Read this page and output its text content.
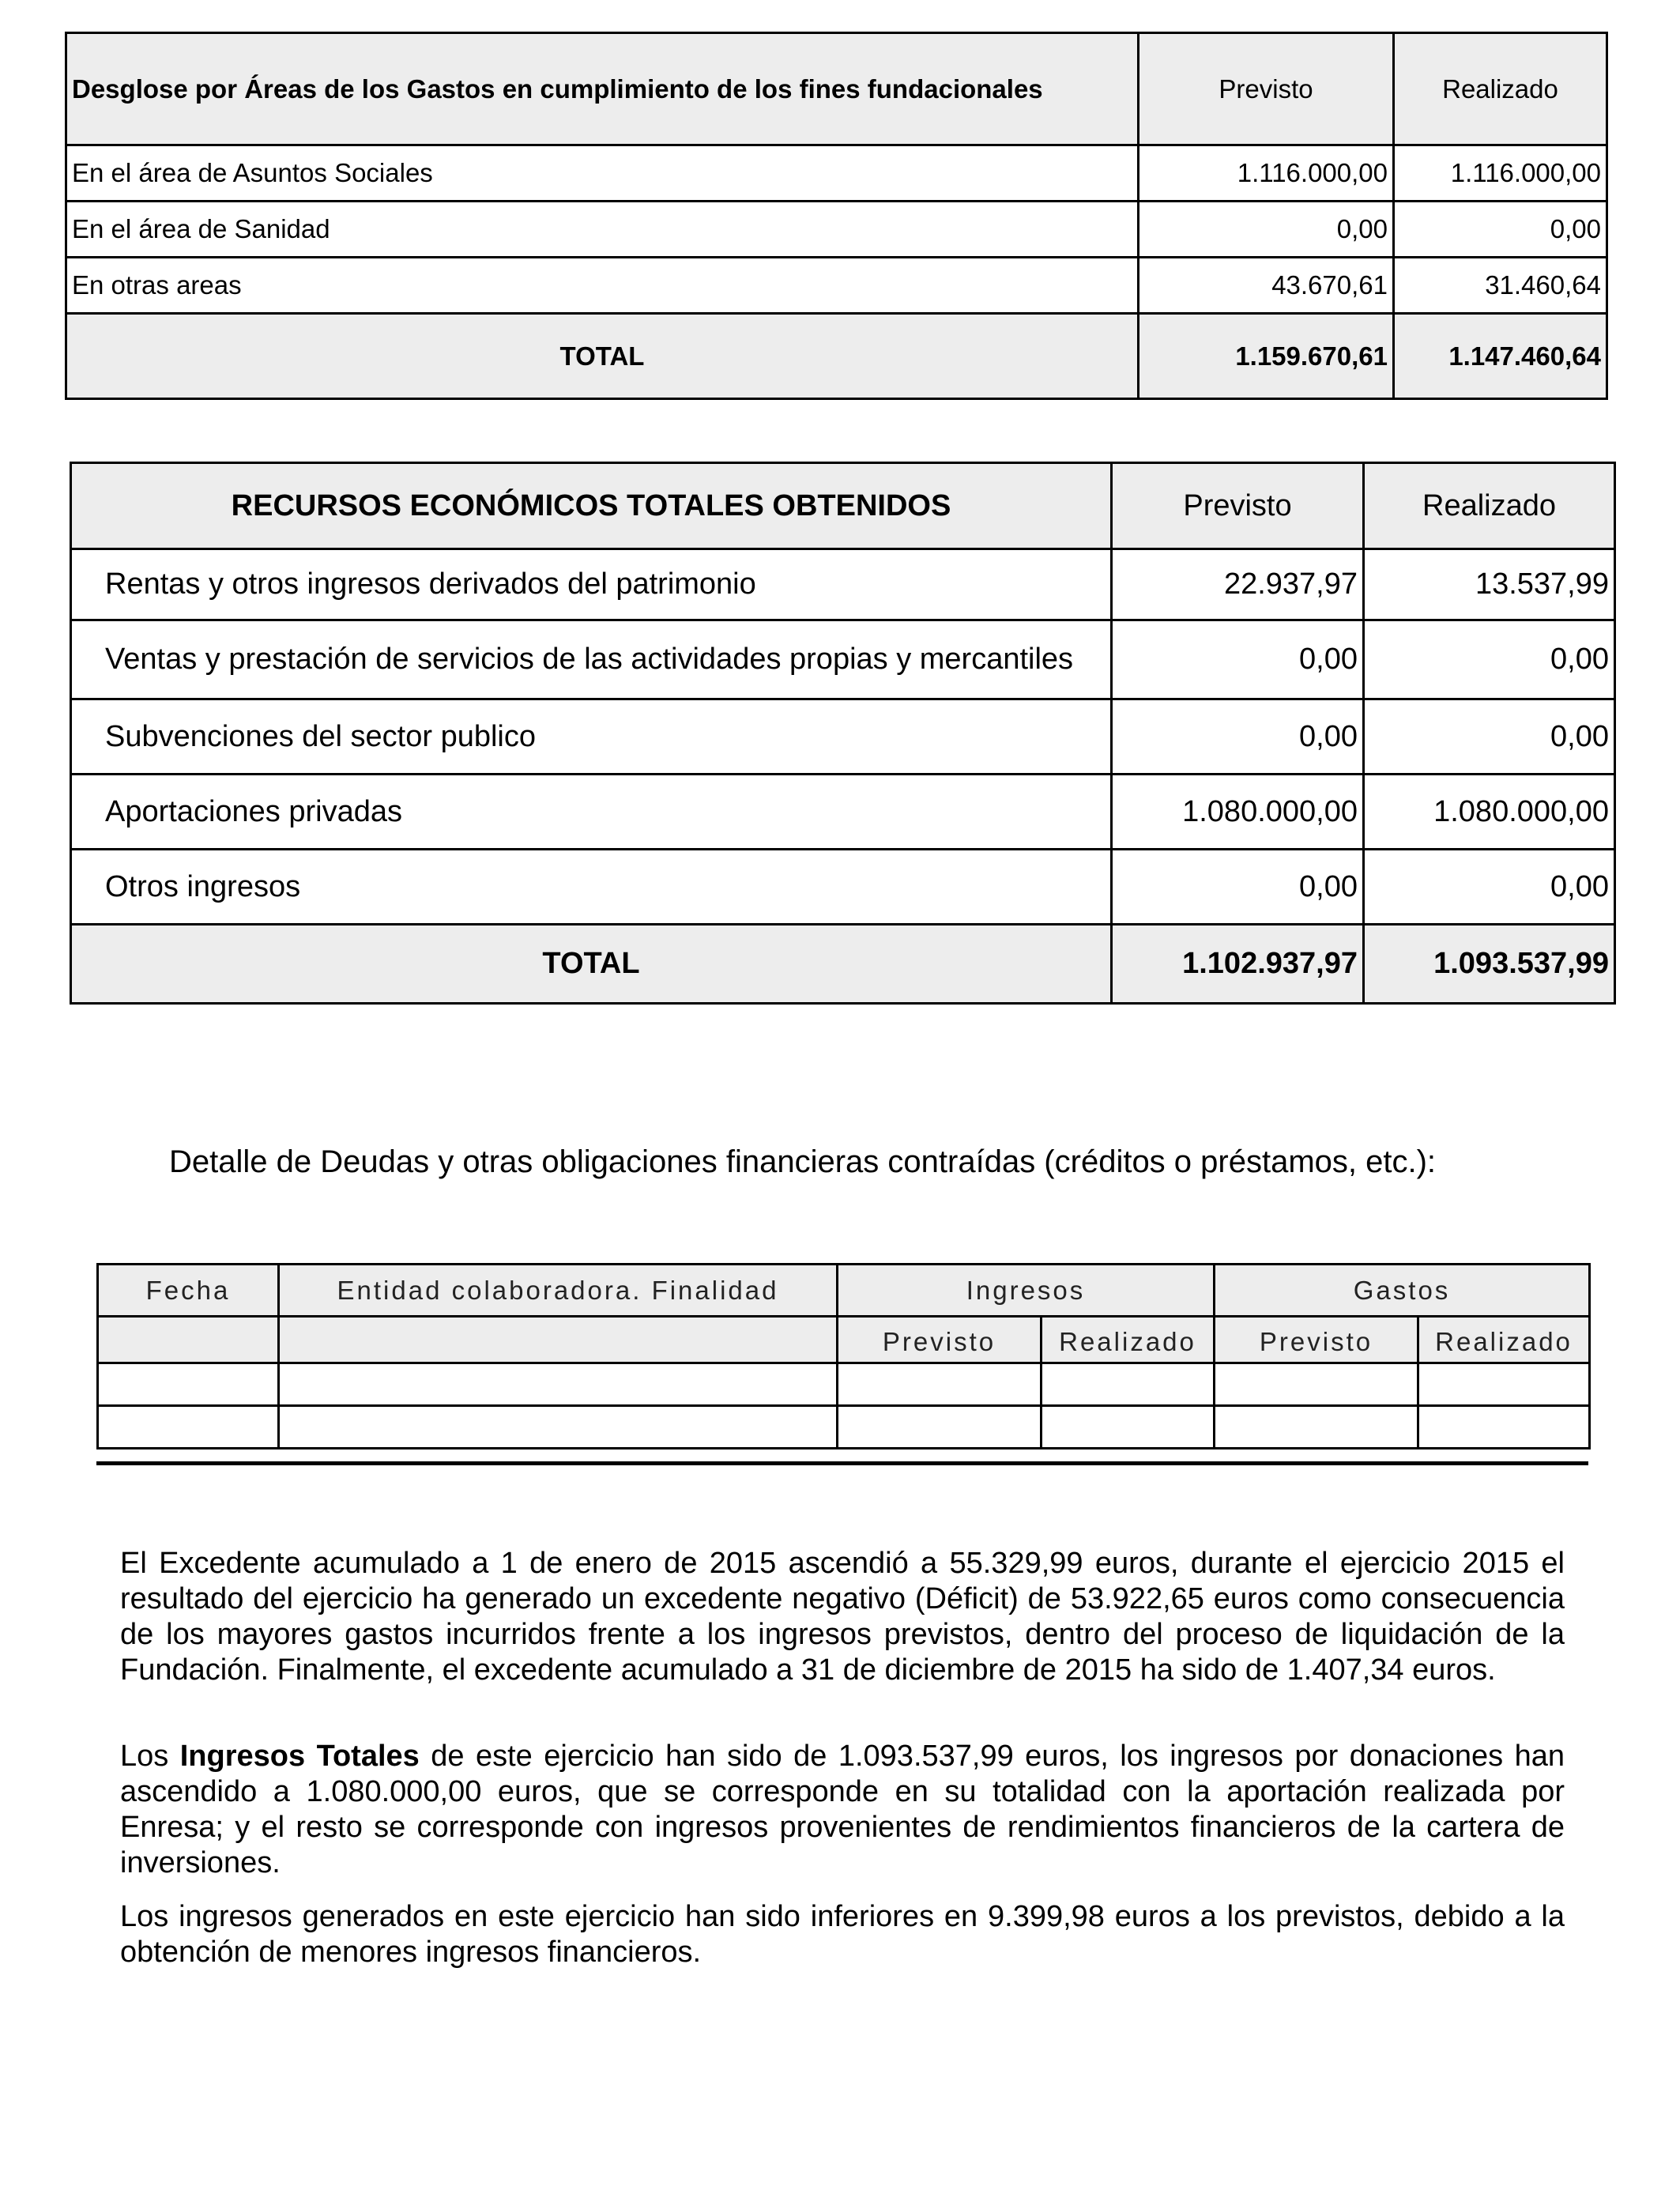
Desglose por Áreas de los Gastos en cumplimiento de los fines fundacionales	Previsto	Realizado
En el área de Asuntos Sociales	1.116.000,00	1.116.000,00
En el área de Sanidad	0,00	0,00
En otras areas	43.670,61	31.460,64
TOTAL	1.159.670,61	1.147.460,64
RECURSOS ECONÓMICOS TOTALES OBTENIDOS	Previsto	Realizado
Rentas y otros ingresos derivados del patrimonio	22.937,97	13.537,99
Ventas y prestación de servicios de las actividades propias y mercantiles	0,00	0,00
Subvenciones del sector publico	0,00	0,00
Aportaciones privadas	1.080.000,00	1.080.000,00
Otros ingresos	0,00	0,00
TOTAL	1.102.937,97	1.093.537,99
Detalle de Deudas y otras obligaciones financieras contraídas (créditos o préstamos, etc.):
Fecha	Entidad colaboradora. Finalidad	Ingresos		Gastos	
		Previsto	Realizado	Previsto	Realizado

El Excedente acumulado a 1 de enero de 2015 ascendió a 55.329,99 euros, durante el ejercicio 2015 el resultado del ejercicio ha generado un excedente negativo (Déficit) de 53.922,65 euros como consecuencia de los mayores gastos incurridos frente a los ingresos previstos, dentro del proceso de liquidación de la Fundación. Finalmente, el excedente acumulado a 31 de diciembre de 2015 ha sido de 1.407,34 euros.

Los Ingresos Totales de este ejercicio han sido de 1.093.537,99 euros, los ingresos por donaciones han ascendido a 1.080.000,00 euros, que se corresponde en su totalidad con la aportación realizada por Enresa; y el resto se corresponde con ingresos provenientes de rendimientos financieros de la cartera de inversiones.

Los ingresos generados en este ejercicio han sido inferiores en 9.399,98 euros a los previstos, debido a la obtención de menores ingresos financieros.
